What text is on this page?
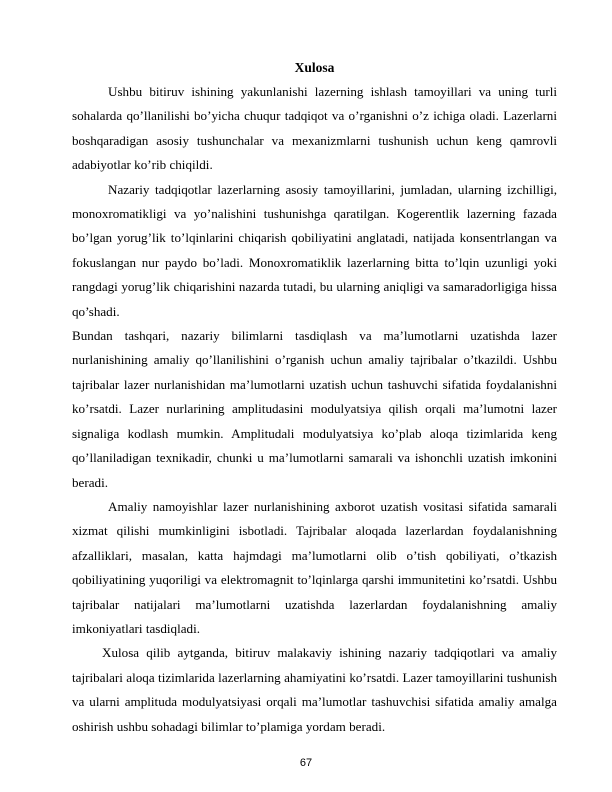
Xulosa

Ushbu bitiruv ishining yakunlanishi lazerning ishlash tamoyillari va uning turli sohalarda qo’llanilishi bo’yicha chuqur tadqiqot va o’rganishni o’z ichiga oladi. Lazerlarni boshqaradigan asosiy tushunchalar va mexanizmlarni tushunish uchun keng qamrovli adabiyotlar ko’rib chiqildi.

Nazariy tadqiqotlar lazerlarning asosiy tamoyillarini, jumladan, ularning izchilligi, monoxromatikligi va yo’nalishini tushunishga qaratilgan. Kogerentlik lazerning fazada bo’lgan yorug’lik to’lqinlarini chiqarish qobiliyatini anglatadi, natijada konsentrlangan va fokuslangan nur paydo bo’ladi. Monoxromatiklik lazerlarning bitta to’lqin uzunligi yoki rangdagi yorug’lik chiqarishini nazarda tutadi, bu ularning aniqligi va samaradorligiga hissa qo’shadi.

Bundan tashqari, nazariy bilimlarni tasdiqlash va ma’lumotlarni uzatishda lazer nurlanishining amaliy qo’llanilishini o’rganish uchun amaliy tajribalar o’tkazildi. Ushbu tajribalar lazer nurlanishidan ma’lumotlarni uzatish uchun tashuvchi sifatida foydalanishni ko’rsatdi. Lazer nurlarining amplitudasini modulyatsiya qilish orqali ma’lumotni lazer signaliga kodlash mumkin. Amplitudali modulyatsiya ko’plab aloqa tizimlarida keng qo’llaniladigan texnikadir, chunki u ma’lumotlarni samarali va ishonchli uzatish imkonini beradi.

Amaliy namoyishlar lazer nurlanishining axborot uzatish vositasi sifatida samarali xizmat qilishi mumkinligini isbotladi. Tajribalar aloqada lazerlardan foydalanishning afzalliklari, masalan, katta hajmdagi ma’lumotlarni olib o’tish qobiliyati, o’tkazish qobiliyatining yuqoriligi va elektromagnit to’lqinlarga qarshi immunitetini ko’rsatdi. Ushbu tajribalar natijalari ma’lumotlarni uzatishda lazerlardan foydalanishning amaliy imkoniyatlari tasdiqladi.

Xulosa qilib aytganda, bitiruv malakaviy ishining nazariy tadqiqotlari va amaliy tajribalari aloqa tizimlarida lazerlarning ahamiyatini ko’rsatdi. Lazer tamoyillarini tushunish va ularni amplituda modulyatsiyasi orqali ma’lumotlar tashuvchisi sifatida amaliy amalga oshirish ushbu sohadagi bilimlar to’plamiga yordam beradi.

67
